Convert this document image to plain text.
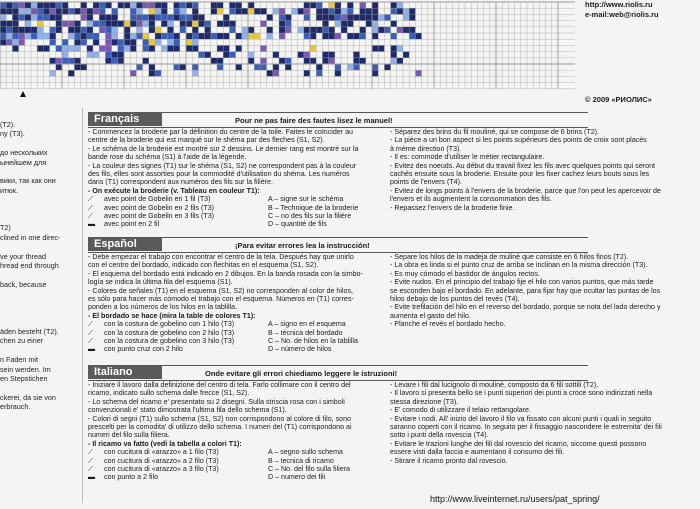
http://www.riolis.ru
e-mail:web@riolis.ru
© 2009 «РИОЛИС»
(T2).
ny (T3).

до нескольких
ынейшем для

вики, так как они
итюк.

T2)
clined in one direc-

ve your thread
hread end through

back, because

äden besteht (T2).
chen zu einer

n Faden mit
sein werden. Im
en Stepstichen

ckerei, da sie von
erbrauch.
Français	Pour ne pas faire des fautes lisez le manuel!
- Commencez la broderie par la définition du centre de la toile. Faites le coïncider au
centre de la broderie qui est marqué sur le shéma par des fleches (S1, S2).
- Le schéma de la broderie est montré sur 2 dessins. Le dernier rang est montré sur la
bande rose du schéma (S1) à l'aide de la légende.
- La couleur des signes (T1) sur le shéma (S1, S2) ne correspondent pas à la couleur
des fils, elles sont assorties pour la commodité d'utilisation du shéma. Les numéros
dans (T1) correspondent aux numéros des fils sur la filière.
- On exécute la broderie (v. Tableau en couleur T1):
⟋ avec point de Gobelin en 1 fil (T3)	A – signe sur le schéma
⟋ avec point de Gobelin en 2 fils (T3)	B – Technique de la broderie
⟋ avec point de Gobelin en 3 fils (T3)	C – no des fils sur la filière
▬ avec point en 2 fil	D – quantité de fils
- Séparez des brins du fil mouliné, qui se compose de 6 brins (T2).
- La pièce a un bon aspect si les points supérieurs des points de croix sont placés
à mème direction (T3).
- Il es: commode d'utiliser le métier rectangulaire.
- Evitez des noeuds. Au début du travail fixez les fils avec quelques points qui seront
cachés ensuite sous la broderie. Ensuite pour les fixer cachez leurs bouts sous les
points de l'envers (T4).
- Evitez de longs points à l'envers de la broderie, parce que l'on peut les apercevoir de
l'envers et ils augmentent la consommation des fils.
- Repassez l'envers de la broderie finie.
Español	¡Para evitar errores lea la instrucción!
- Debe empezar el trabajo con encontrar el centro de la tela. Después hay que unirlo
con el centro del bordado, indicado con flechitas en el esquema (S1, S2).
- El esquema del bordado está indicado en 2 dibujos. En la banda rosada con la simbo-
logía se indica la última fila del esquema (S1).
- Colores de señales (T1) en el esquema (S1, S2) no corresponden al color de hilos,
es sólo para hacer más cómodo el trabajo con el esquema. Números en (T1) corres-
ponden a los números de los hilos en la tablilla.
- El bordado se hace (mira la table de colores T1):
⟋ con la costura de gobelino con 1 hilo (T3)	A – signo en el esquema
⟋ con la costura de gobelino con 2 hilo (T3)	B – técnica del bordado
⟋ con la costura de gobelino con 3 hilo (T3)	C – No. de hilos en la tablilla
▬ con punto cruz con 2 hilo	D – número de hilos
- Separe los hilos de la madeja de muliné que consiste en 6 hilos finos (T2).
- La obra es linda si el punto cruz de arriba se inclinan en la misma dirección (T3).
- Es muy cómodo el bastidor de ángulos rectos.
- Evite nudos. En el principio del trabajo fije el hilo con varios puntos, que más tarde
se esconden bajo el bordado. En adelante, para fijar hay que ocultar las puntas de los
hilos debajo de los puntos del revés (T4).
- Evite trefilación del hilo en el reverso del bordado, porque se nota del lado derecho y
aumenta el gasto del hilo.
- Planche el revés el bordado hecho.
Italiano	Onde evitare gli errori chiediamo leggere le istruzioni!
- Iniziare il lavoro dalla definizione del centro di tela. Farlo collimare con il centro del
ricamo, indicato sullo schema dalle frecce (S1, S2).
- Lo schema del ricamo e' presentato su 2 disegni. Sulla striscia rosa con i simboli
convenzionali e' stato dimostrata l'ultima fila dello schema (S1).
- Colori di segni (T1) sullo schema (S1, S2) non corrispondono al colore di filo, sono
prescelti per la comodita' di utilizzo dello schema. I numeri del (T1) corrispondono ai
numeri del filo sulla filiera.
- Il ricamo va fatto (vedi la tabella a colori T1):
⟋ con cucitura di «arazzo» a 1 filo (T3)	A – segno sullo schema
⟋ con cucitura di «arazzo» a 2 filo (T3)	B – tecnica di ricamo
⟋ con cucitura di «arazzo» a 3 filo (T3)	C – No. del filo sulla filiera
▬ con punto a 2 filo	D – numero dei fili
- Levare i fili dal lucignolo di mouliné, composto da 6 fili sottili (T2).
- Il lavoro si presenta bello se i punti superiori dei punti a croce sono indirizzati nella
stessa direzione (T3).
- E' comodo di utilizzare il telaio rettangolare.
- Evitare i nodi. All' inizio del lavoro il filo va fissato con alcuni punti i quali in seguito
saranno coperti con il ricamo. In seguito per il fissaggio nascondere le estremita' dei fili
sotto i punti della rovescia (T4).
- Evitare le trazioni lunghe dei fili dal rovescio del ricamo, siccome questi possono
essere visti dalla faccia e aumentano il consumo dei fili.
- Stirare il ricamo pronto dal rovescio.
http://www.liveinternet.ru/users/pat_spring/
